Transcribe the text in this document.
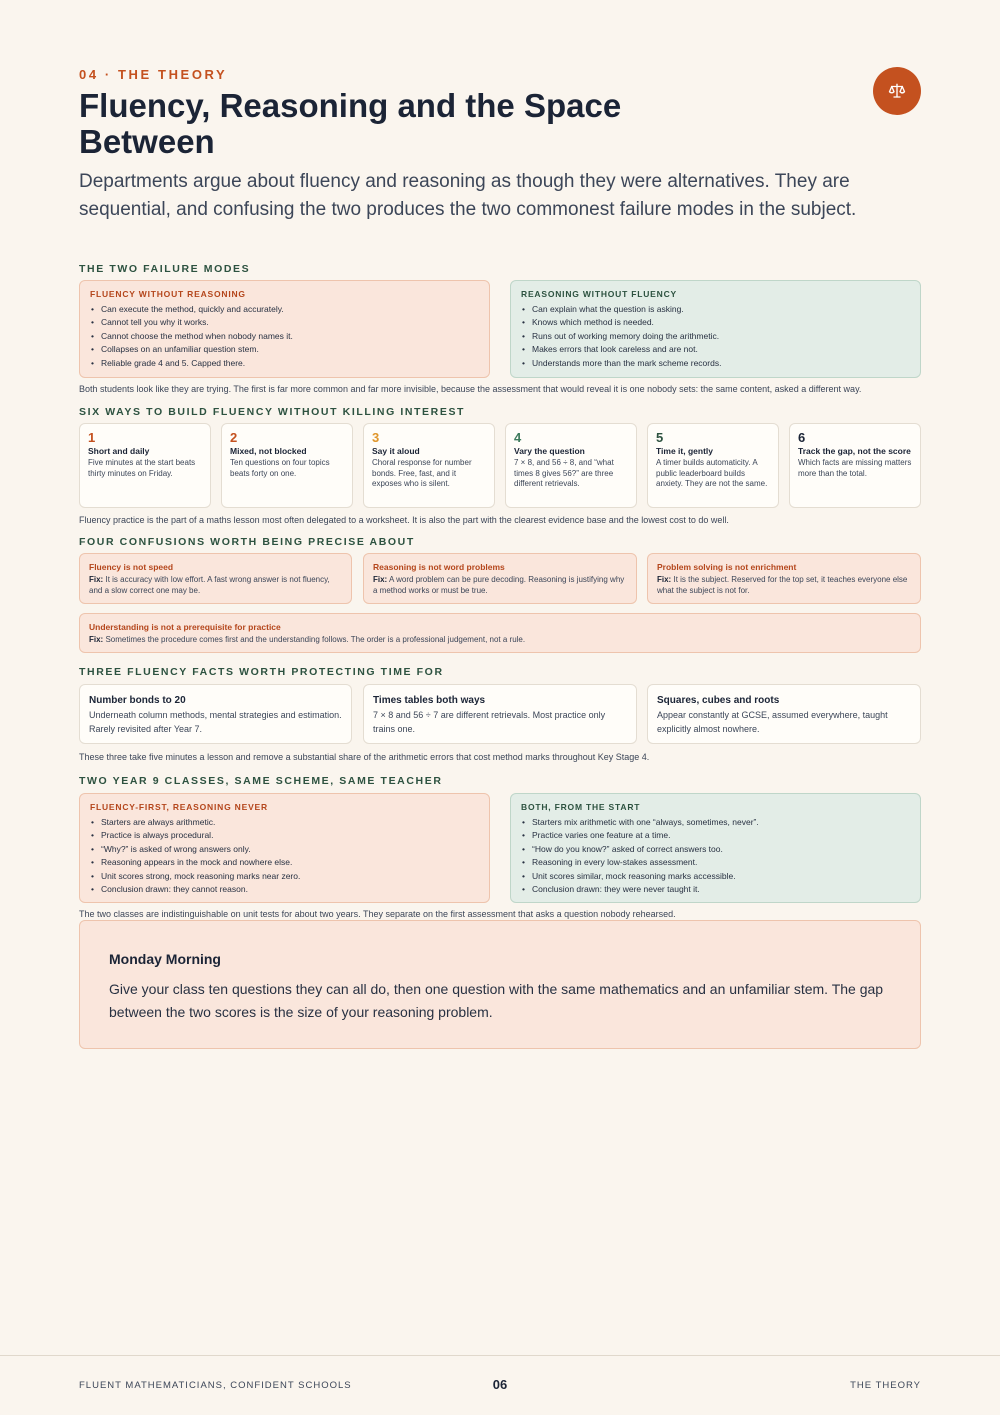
04 · THE THEORY
Fluency, Reasoning and the Space Between

Departments argue about fluency and reasoning as though they were alternatives. They are sequential, and confusing the two produces the two commonest failure modes in the subject.

THE TWO FAILURE MODES
FLUENCY WITHOUT REASONING
• Can execute the method, quickly and accurately.
• Cannot tell you why it works.
• Cannot choose the method when nobody names it.
• Collapses on an unfamiliar question stem.
• Reliable grade 4 and 5. Capped there.
REASONING WITHOUT FLUENCY
• Can explain what the question is asking.
• Knows which method is needed.
• Runs out of working memory doing the arithmetic.
• Makes errors that look careless and are not.
• Understands more than the mark scheme records.
Both students look like they are trying. The first is far more common and far more invisible, because the assessment that would reveal it is one nobody sets: the same content, asked a different way.
SIX WAYS TO BUILD FLUENCY WITHOUT KILLING INTEREST
1
Short and daily
Five minutes at the start beats thirty minutes on Friday.
2
Mixed, not blocked
Ten questions on four topics beats forty on one.
3
Say it aloud
Choral response for number bonds. Free, fast, and it exposes who is silent.
4
Vary the question
7 × 8, and 56 ÷ 8, and “what times 8 gives 56?” are three different retrievals.
5
Time it, gently
A timer builds automaticity. A public leaderboard builds anxiety. They are not the same.
6
Track the gap, not the score
Which facts are missing matters more than the total.
Fluency practice is the part of a maths lesson most often delegated to a worksheet. It is also the part with the clearest evidence base and the lowest cost to do well.
FOUR CONFUSIONS WORTH BEING PRECISE ABOUT
Fluency is not speed
Fix: It is accuracy with low effort. A fast wrong answer is not fluency, and a slow correct one may be.
Reasoning is not word problems
Fix: A word problem can be pure decoding. Reasoning is justifying why a method works or must be true.
Problem solving is not enrichment
Fix: It is the subject. Reserved for the top set, it teaches everyone else what the subject is not for.
Understanding is not a prerequisite for practice
Fix: Sometimes the procedure comes first and the understanding follows. The order is a professional judgement, not a rule.
THREE FLUENCY FACTS WORTH PROTECTING TIME FOR
Number bonds to 20
Underneath column methods, mental strategies and estimation. Rarely revisited after Year 7.
Times tables both ways
7 × 8 and 56 ÷ 7 are different retrievals. Most practice only trains one.
Squares, cubes and roots
Appear constantly at GCSE, assumed everywhere, taught explicitly almost nowhere.
These three take five minutes a lesson and remove a substantial share of the arithmetic errors that cost method marks throughout Key Stage 4.
TWO YEAR 9 CLASSES, SAME SCHEME, SAME TEACHER
FLUENCY-FIRST, REASONING NEVER
• Starters are always arithmetic.
• Practice is always procedural.
• “Why?” is asked of wrong answers only.
• Reasoning appears in the mock and nowhere else.
• Unit scores strong, mock reasoning marks near zero.
• Conclusion drawn: they cannot reason.
BOTH, FROM THE START
• Starters mix arithmetic with one “always, sometimes, never”.
• Practice varies one feature at a time.
• “How do you know?” asked of correct answers too.
• Reasoning in every low-stakes assessment.
• Unit scores similar, mock reasoning marks accessible.
• Conclusion drawn: they were never taught it.
The two classes are indistinguishable on unit tests for about two years. They separate on the first assessment that asks a question nobody rehearsed.
Monday Morning
Give your class ten questions they can all do, then one question with the same mathematics and an unfamiliar stem. The gap between the two scores is the size of your reasoning problem.
FLUENT MATHEMATICIANS, CONFIDENT SCHOOLS	06	THE THEORY
